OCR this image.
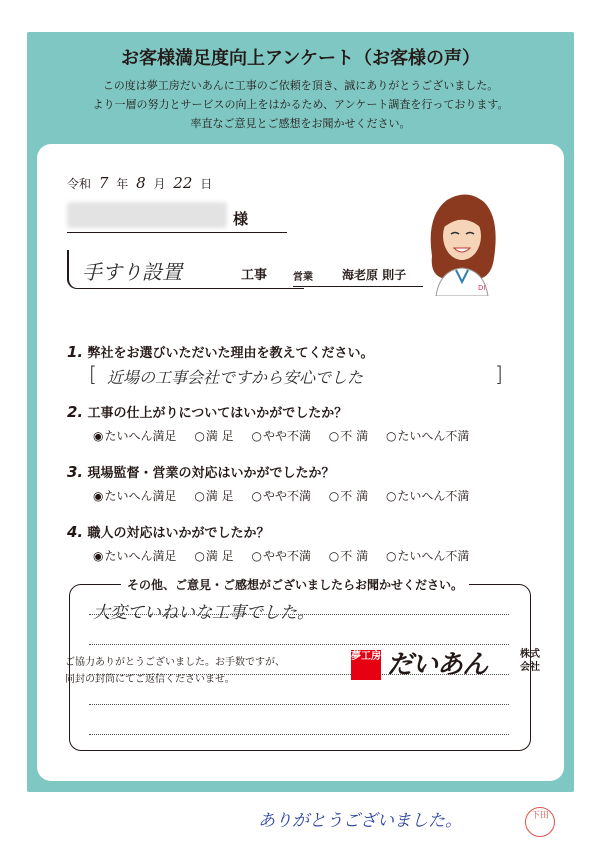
お客様満足度向上アンケート（お客様の声）
この度は夢工房だいあんに工事のご依頼を頂き、誠にありがとうございました。
より一層の努力とサービスの向上をはかるため、アンケート調査を行っております。
率直なご意見とご感想をお聞かせください。
令和 7 年 8 月 22 日
様
手すり設置	工事	営業 海老原 則子
DI
1. 弊社をお選びいただいた理由を教えてください。
[ 近場の工事会社ですから安心でした	]
2. 工事の仕上がりについてはいかがでしたか？
◉ たいへん満足 ○ 満 足 ○ やや不満 ○ 不 満 ○ たいへん不満
3. 現場監督・営業の対応はいかがでしたか？
◉ たいへん満足 ○ 満 足 ○ やや不満 ○ 不 満 ○ たいへん不満
4. 職人の対応はいかがでしたか？
◉ たいへん満足 ○ 満 足 ○ やや不満 ○ 不 満 ○ たいへん不満
その他、ご意見・ご感想がございましたらお聞かせください。
大変ていねいな工事でした。
ご協力ありがとうございました。お手数ですが、
同封の封筒にてご返信くださいませ。
夢工房 だいあん	株式会社
ありがとうございました。	下田
